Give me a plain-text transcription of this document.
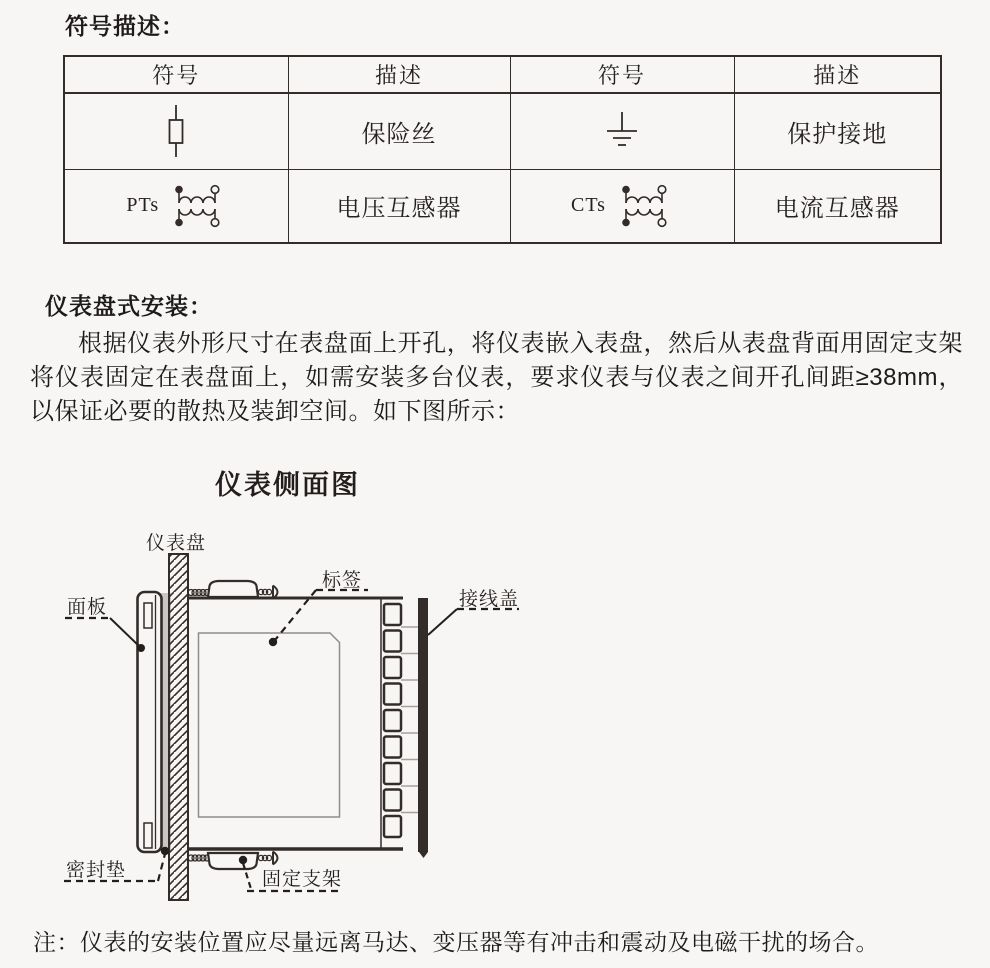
符号描述：
符号	描述	符号	描述

	保险丝		保护接地

PTs	电压互感器	CTs	电流互感器
仪表盘式安装：
根据仪表外形尺寸在表盘面上开孔，将仪表嵌入表盘，然后从表盘背面用固定支架将仪表固定在表盘面上，如需安装多台仪表，要求仪表与仪表之间开孔间距≥38mm，以保证必要的散热及装卸空间。如下图所示：
仪表侧面图
仪表盘
面板
标签
接线盖
密封垫	固定支架
注：仪表的安装位置应尽量远离马达、变压器等有冲击和震动及电磁干扰的场合。
